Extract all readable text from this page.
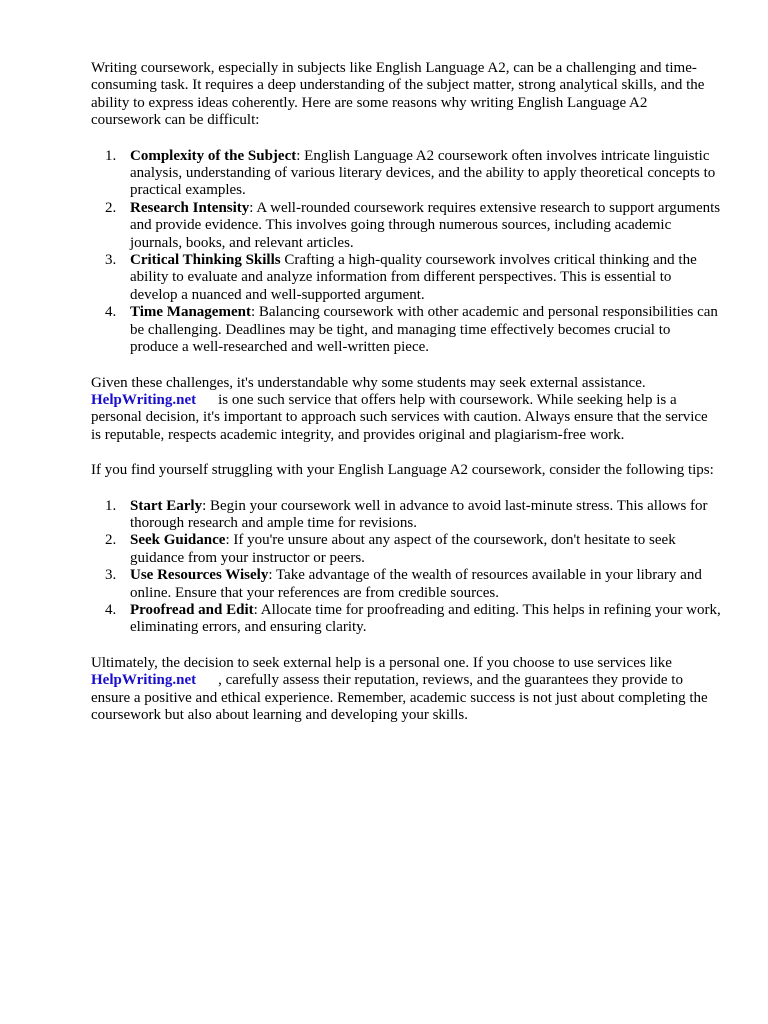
Writing coursework, especially in subjects like English Language A2, can be a challenging and time-consuming task. It requires a deep understanding of the subject matter, strong analytical skills, and the ability to express ideas coherently. Here are some reasons why writing English Language A2 coursework can be difficult:

1. Complexity of the Subject: English Language A2 coursework often involves intricate linguistic analysis, understanding of various literary devices, and the ability to apply theoretical concepts to practical examples.
2. Research Intensity: A well-rounded coursework requires extensive research to support arguments and provide evidence. This involves going through numerous sources, including academic journals, books, and relevant articles.
3. Critical Thinking Skills Crafting a high-quality coursework involves critical thinking and the ability to evaluate and analyze information from different perspectives. This is essential to develop a nuanced and well-supported argument.
4. Time Management: Balancing coursework with other academic and personal responsibilities can be challenging. Deadlines may be tight, and managing time effectively becomes crucial to produce a well-researched and well-written piece.

Given these challenges, it's understandable why some students may seek external assistance.
HelpWriting.net is one such service that offers help with coursework. While seeking help is a personal decision, it's important to approach such services with caution. Always ensure that the service is reputable, respects academic integrity, and provides original and plagiarism-free work.

If you find yourself struggling with your English Language A2 coursework, consider the following tips:

1. Start Early: Begin your coursework well in advance to avoid last-minute stress. This allows for thorough research and ample time for revisions.
2. Seek Guidance: If you're unsure about any aspect of the coursework, don't hesitate to seek guidance from your instructor or peers.
3. Use Resources Wisely: Take advantage of the wealth of resources available in your library and online. Ensure that your references are from credible sources.
4. Proofread and Edit: Allocate time for proofreading and editing. This helps in refining your work, eliminating errors, and ensuring clarity.

Ultimately, the decision to seek external help is a personal one. If you choose to use services like
HelpWriting.net , carefully assess their reputation, reviews, and the guarantees they provide to ensure a positive and ethical experience. Remember, academic success is not just about completing the coursework but also about learning and developing your skills.
